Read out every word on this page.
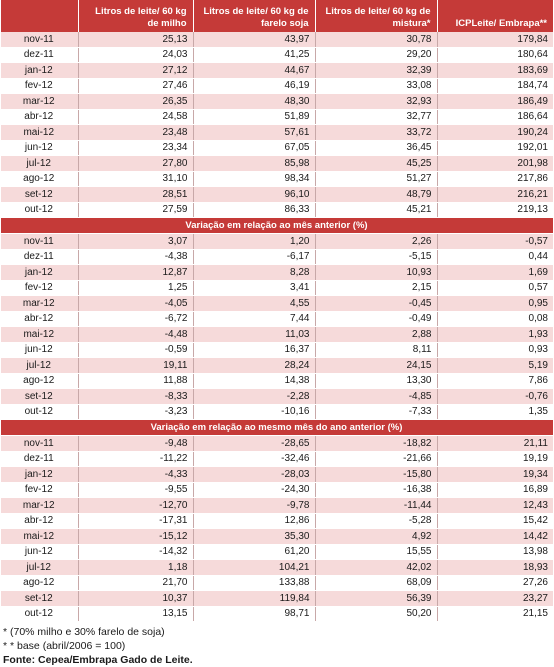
	Litros de leite/ 60 kg de milho	Litros de leite/ 60 kg de farelo soja	Litros de leite/ 60 kg de mistura*	ICPLeite/ Embrapa**
nov-11	25,13	43,97	30,78	179,84
dez-11	24,03	41,25	29,20	180,64
jan-12	27,12	44,67	32,39	183,69
fev-12	27,46	46,19	33,08	184,74
mar-12	26,35	48,30	32,93	186,49
abr-12	24,58	51,89	32,77	186,64
mai-12	23,48	57,61	33,72	190,24
jun-12	23,34	67,05	36,45	192,01
jul-12	27,80	85,98	45,25	201,98
ago-12	31,10	98,34	51,27	217,86
set-12	28,51	96,10	48,79	216,21
out-12	27,59	86,33	45,21	219,13
Variação em relação ao mês anterior (%)				
nov-11	3,07	1,20	2,26	-0,57
dez-11	-4,38	-6,17	-5,15	0,44
jan-12	12,87	8,28	10,93	1,69
fev-12	1,25	3,41	2,15	0,57
mar-12	-4,05	4,55	-0,45	0,95
abr-12	-6,72	7,44	-0,49	0,08
mai-12	-4,48	11,03	2,88	1,93
jun-12	-0,59	16,37	8,11	0,93
jul-12	19,11	28,24	24,15	5,19
ago-12	11,88	14,38	13,30	7,86
set-12	-8,33	-2,28	-4,85	-0,76
out-12	-3,23	-10,16	-7,33	1,35
Variação em relação ao mesmo mês do ano anterior (%)				
nov-11	-9,48	-28,65	-18,82	21,11
dez-11	-11,22	-32,46	-21,66	19,19
jan-12	-4,33	-28,03	-15,80	19,34
fev-12	-9,55	-24,30	-16,38	16,89
mar-12	-12,70	-9,78	-11,44	12,43
abr-12	-17,31	12,86	-5,28	15,42
mai-12	-15,12	35,30	4,92	14,42
jun-12	-14,32	61,20	15,55	13,98
jul-12	1,18	104,21	42,02	18,93
ago-12	21,70	133,88	68,09	27,26
set-12	10,37	119,84	56,39	23,27
out-12	13,15	98,71	50,20	21,15
* (70% milho e 30% farelo de soja)
* * base (abril/2006 = 100)
Fonte: Cepea/Embrapa Gado de Leite.
